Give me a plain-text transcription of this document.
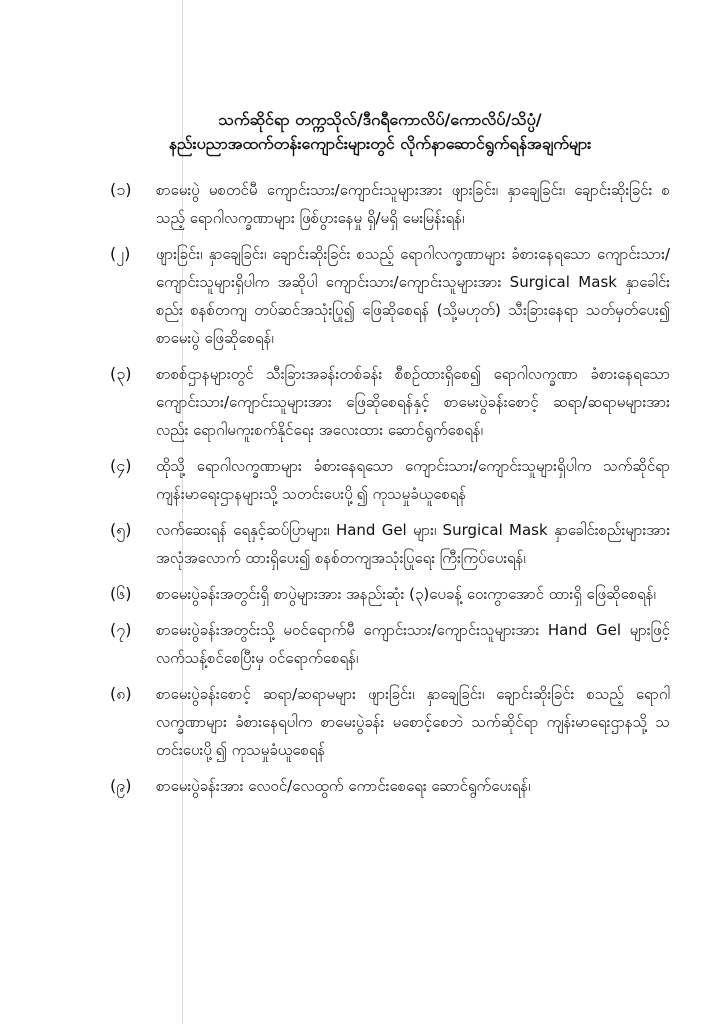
သက်ဆိုင်ရာ တက္ကသိုလ်/ဒီဂရီကောလိပ်/ကောလိပ်/သိပ္ပံ/
နည်းပညာအထက်တန်းကျောင်းများတွင် လိုက်နာဆောင်ရွက်ရန်အချက်များ
(၁)	စာမေးပွဲ မစတင်မီ ကျောင်းသား/ကျောင်းသူများအား ဖျားခြင်း၊ နှာချေခြင်း၊ ချောင်းဆိုးခြင်း စသည့် ရောဂါလက္ခဏာများ ဖြစ်ပွားနေမှု ရှိ/မရှိ မေးမြန်းရန်၊
(၂)	ဖျားခြင်း၊ နှာချေခြင်း၊ ချောင်းဆိုးခြင်း စသည့် ရောဂါလက္ခဏာများ ခံစားနေရသော ကျောင်းသား/ကျောင်းသူများရှိပါက အဆိုပါ ကျောင်းသား/ကျောင်းသူများအား Surgical Mask နှာခေါင်းစည်း စနစ်တကျ တပ်ဆင်အသုံးပြု၍ ဖြေဆိုစေရန် (သို့မဟုတ်) သီးခြားနေရာ သတ်မှတ်ပေး၍ စာမေးပွဲ ဖြေဆိုစေရန်၊
(၃)	စာစစ်ဌာနများတွင် သီးခြားအခန်းတစ်ခန်း စီစဉ်ထားရှိစေ၍ ရောဂါလက္ခဏာ ခံစားနေရသော ကျောင်းသား/ကျောင်းသူများအား ဖြေဆိုစေရန်နှင့် စာမေးပွဲခန်းစောင့် ဆရာ/ဆရာမများအားလည်း ရောဂါမကူးစက်နိုင်ရေး အလေးထား ဆောင်ရွက်စေရန်၊
(၄)	ထိုသို့ ရောဂါလက္ခဏာများ ခံစားနေရသော ကျောင်းသား/ကျောင်းသူများရှိပါက သက်ဆိုင်ရာ ကျန်းမာရေးဌာနများသို့ သတင်းပေးပို့၍ ကုသမှုခံယူစေရန်
(၅)	လက်ဆေးရန် ရေနှင့်ဆပ်ပြာများ၊ Hand Gel များ၊ Surgical Mask နှာခေါင်းစည်းများအား အလုံအလောက် ထားရှိပေး၍ စနစ်တကျအသုံးပြုရေး ကြီးကြပ်ပေးရန်၊
(၆)	စာမေးပွဲခန်းအတွင်းရှိ စာပွဲများအား အနည်းဆုံး (၃)ပေခန့် ဝေးကွာအောင် ထားရှိ ဖြေဆိုစေရန်၊
(၇)	စာမေးပွဲခန်းအတွင်းသို့ မဝင်ရောက်မီ ကျောင်းသား/ကျောင်းသူများအား Hand Gel များဖြင့် လက်သန့်စင်စေပြီးမှ ဝင်ရောက်စေရန်၊
(၈)	စာမေးပွဲခန်းစောင့် ဆရာ/ဆရာမများ ဖျားခြင်း၊ နှာချေခြင်း၊ ချောင်းဆိုးခြင်း စသည့် ရောဂါလက္ခဏာများ ခံစားနေရပါက စာမေးပွဲခန်း မစောင့်စေဘဲ သက်ဆိုင်ရာ ကျန်းမာရေးဌာနသို့ သ တင်းပေးပို့၍ ကုသမှုခံယူစေရန်
(၉)	စာမေးပွဲခန်းအား လေဝင်/လေထွက် ကောင်းစေရေး ဆောင်ရွက်ပေးရန်၊
